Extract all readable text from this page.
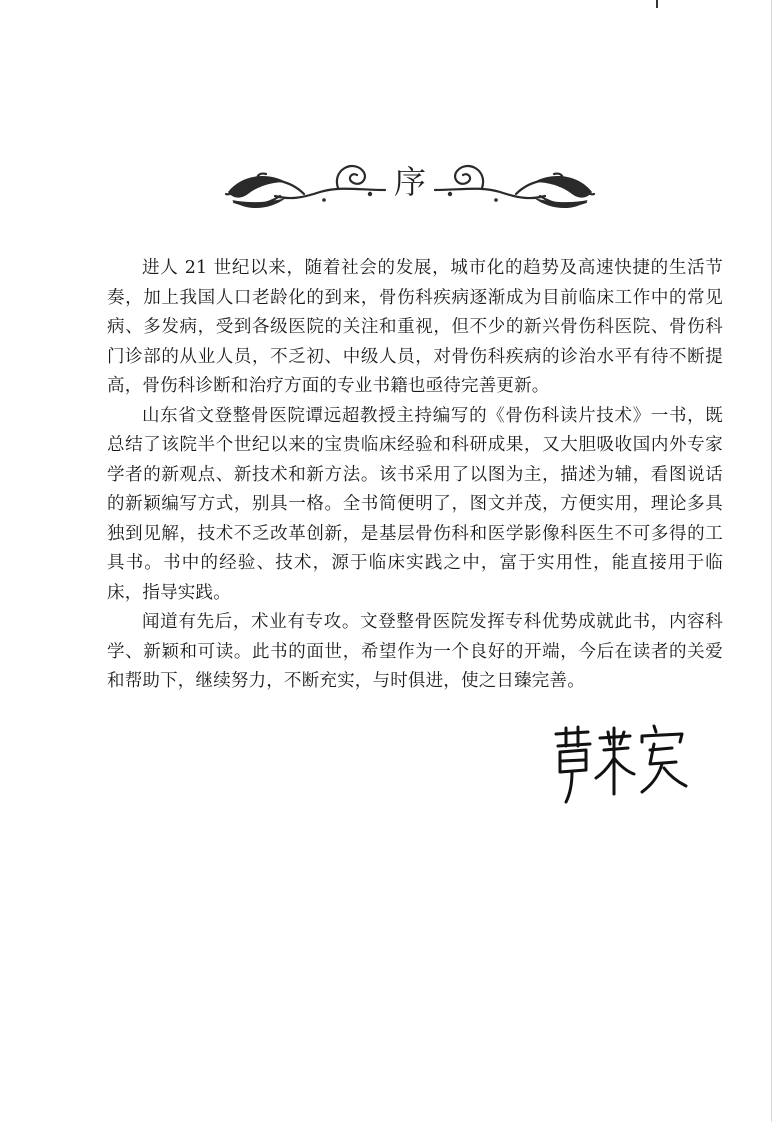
序

进人 21 世纪以来，随着社会的发展，城市化的趋势及高速快捷的生活节奏，加上我国人口老龄化的到来，骨伤科疾病逐渐成为目前临床工作中的常见病、多发病，受到各级医院的关注和重视，但不少的新兴骨伤科医院、骨伤科门诊部的从业人员，不乏初、中级人员，对骨伤科疾病的诊治水平有待不断提高，骨伤科诊断和治疗方面的专业书籍也亟待完善更新。

山东省文登整骨医院谭远超教授主持编写的《骨伤科读片技术》一书，既总结了该院半个世纪以来的宝贵临床经验和科研成果，又大胆吸收国内外专家学者的新观点、新技术和新方法。该书采用了以图为主，描述为辅，看图说话的新颖编写方式，别具一格。全书简便明了，图文并茂，方便实用，理论多具独到见解，技术不乏改革创新，是基层骨伤科和医学影像科医生不可多得的工具书。书中的经验、技术，源于临床实践之中，富于实用性，能直接用于临床，指导实践。

闻道有先后，术业有专攻。文登整骨医院发挥专科优势成就此书，内容科学、新颖和可读。此书的面世，希望作为一个良好的开端，今后在读者的关爱和帮助下，继续努力，不断充实，与时俱进，使之日臻完善。
